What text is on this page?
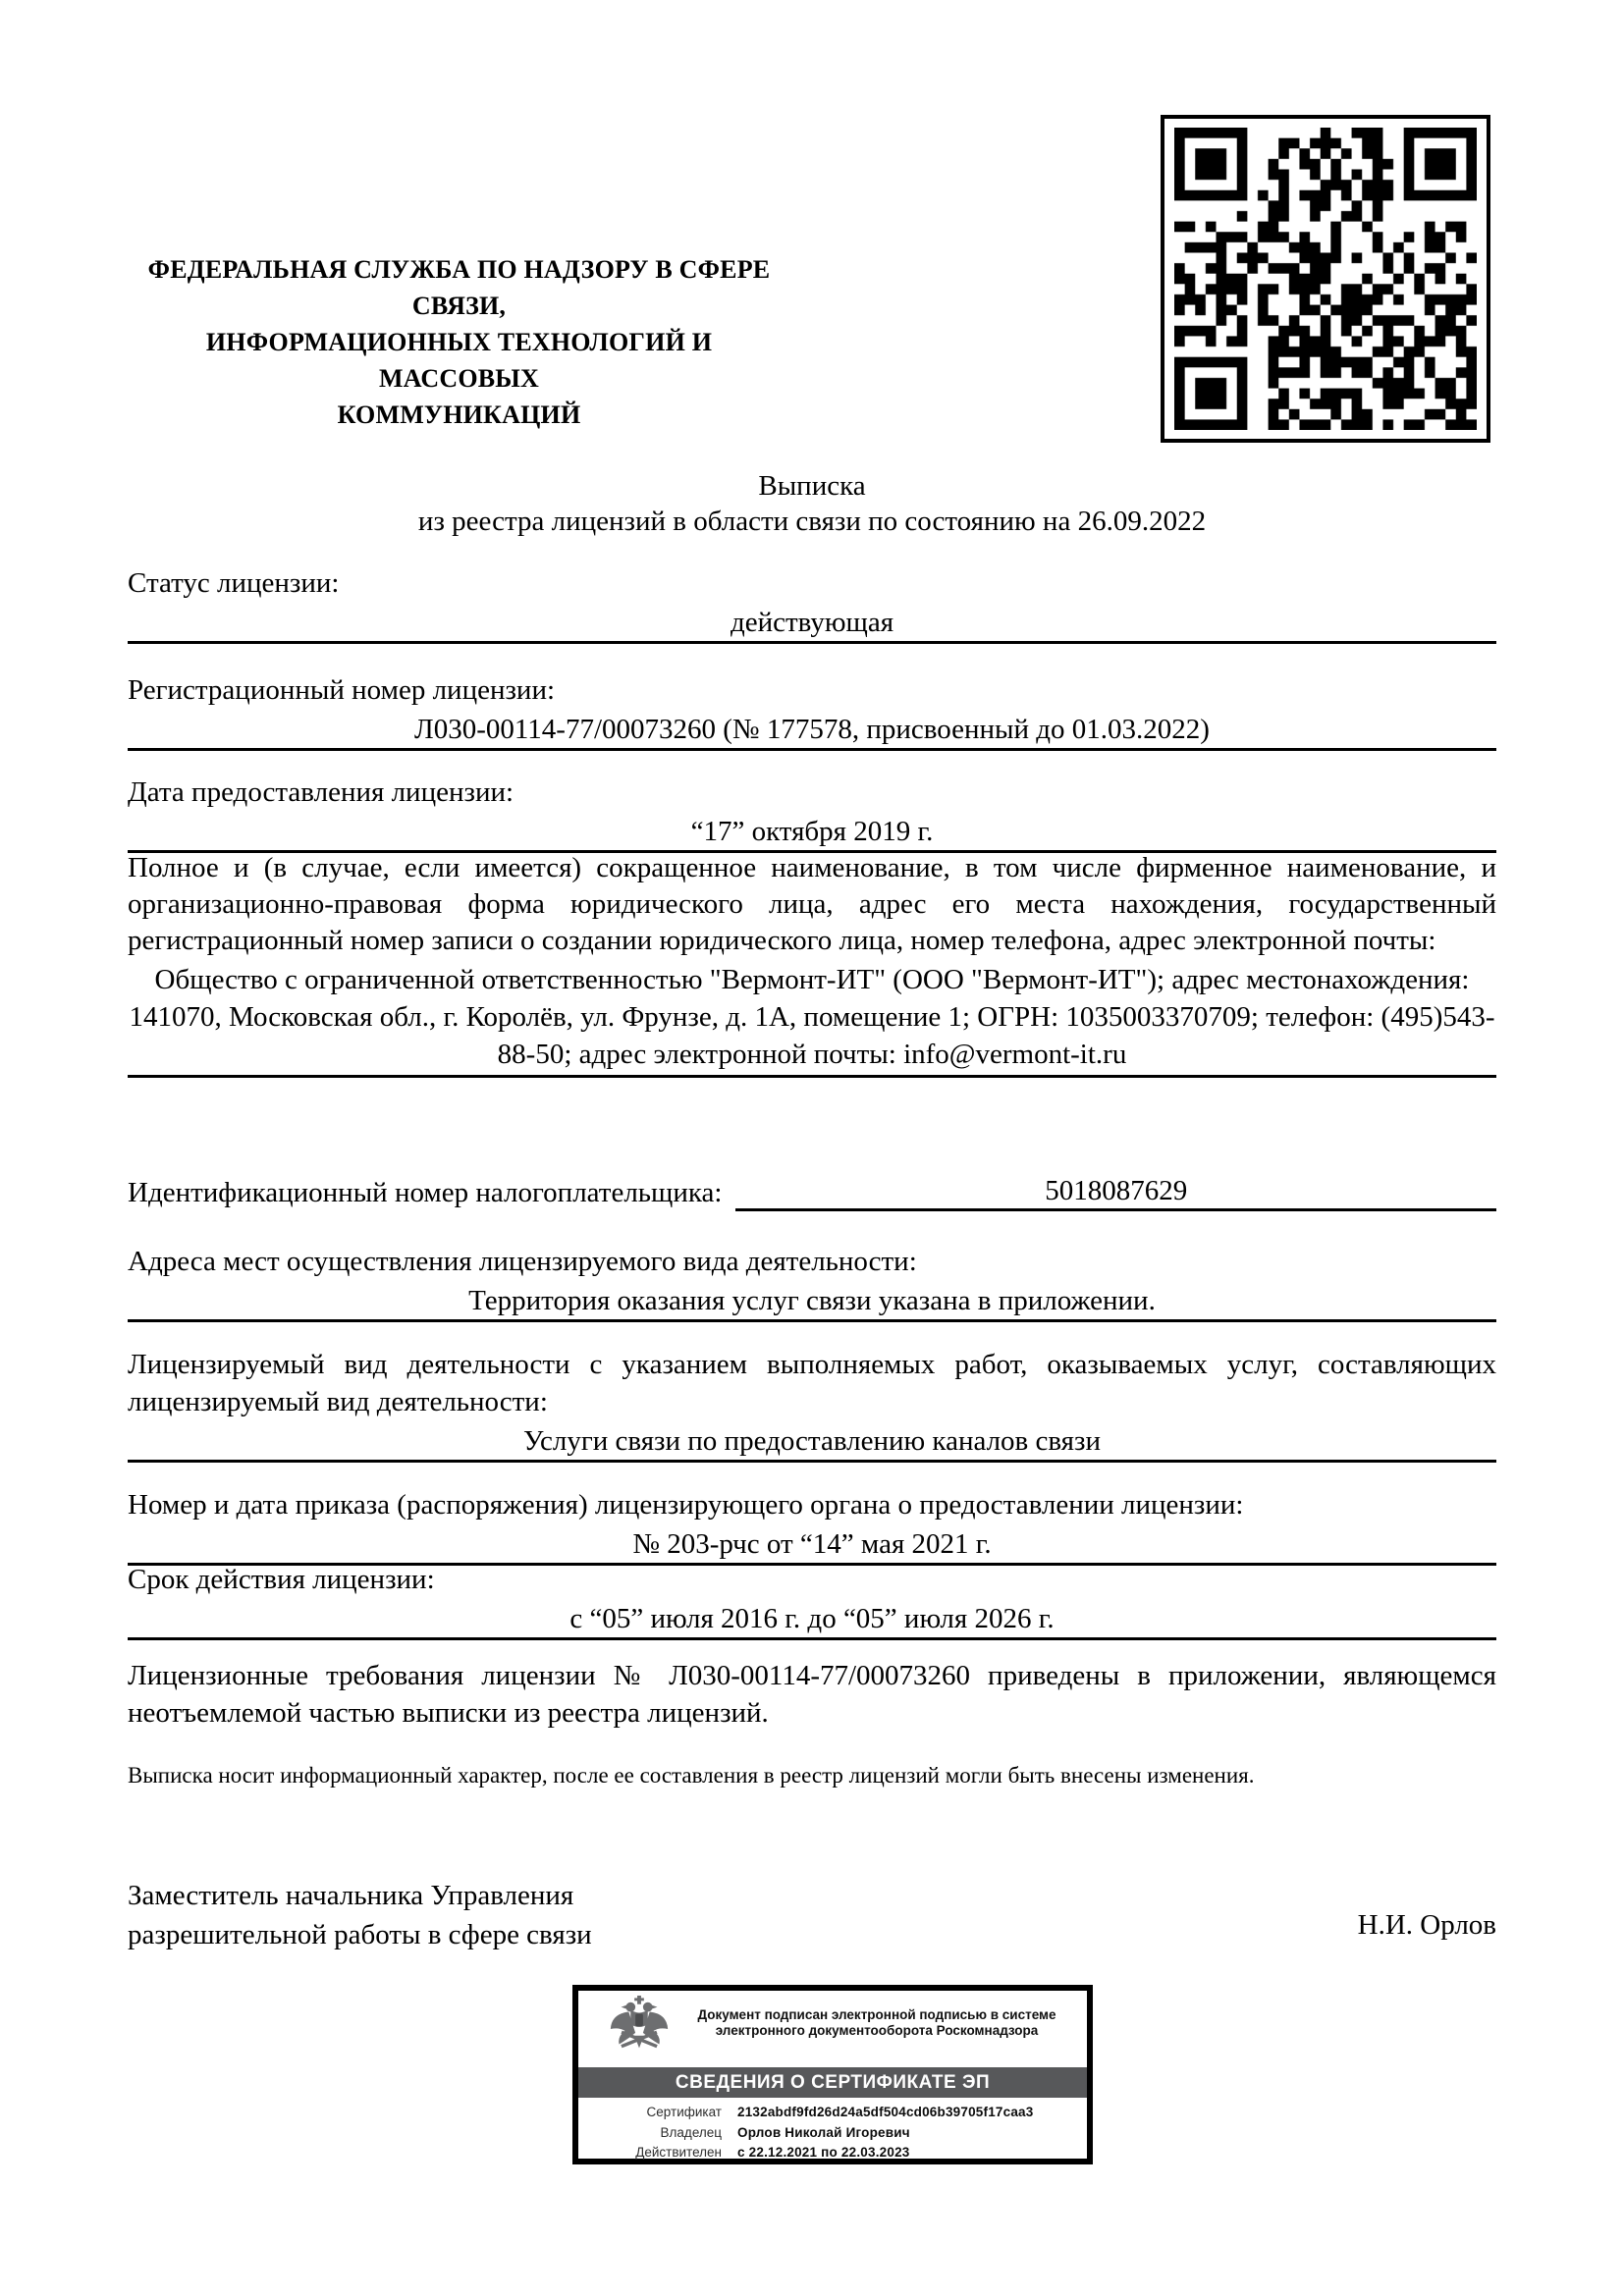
ФЕДЕРАЛЬНАЯ СЛУЖБА ПО НАДЗОРУ В СФЕРЕ СВЯЗИ,
ИНФОРМАЦИОННЫХ ТЕХНОЛОГИЙ И МАССОВЫХ
КОММУНИКАЦИЙ
Выписка
из реестра лицензий в области связи по состоянию на 26.09.2022
Статус лицензии:
действующая
Регистрационный номер лицензии:
Л030-00114-77/00073260 (№ 177578, присвоенный до 01.03.2022)
Дата предоставления лицензии:
“17” октября 2019 г.
Полное и (в случае, если имеется) сокращенное наименование, в том числе фирменное наименование, и организационно-правовая форма юридического лица, адрес его места нахождения, государственный регистрационный номер записи о создании юридического лица, номер телефона, адрес электронной почты:
Общество с ограниченной ответственностью "Вермонт-ИТ" (ООО "Вермонт-ИТ"); адрес местонахождения: 141070, Московская обл., г. Королёв, ул. Фрунзе, д. 1А, помещение 1; ОГРН: 1035003370709; телефон: (495)543-88-50; адрес электронной почты: info@vermont-it.ru
Идентификационный номер налогоплательщика:	5018087629
Адреса мест осуществления лицензируемого вида деятельности:
Территория оказания услуг связи указана в приложении.
Лицензируемый вид деятельности с указанием выполняемых работ, оказываемых услуг, составляющих лицензируемый вид деятельности:
Услуги связи по предоставлению каналов связи
Номер и дата приказа (распоряжения) лицензирующего органа о предоставлении лицензии:
№ 203-рчс от “14” мая 2021 г.
Срок действия лицензии:
с “05” июля 2016 г. до “05” июля 2026 г.
Лицензионные требования лицензии № Л030-00114-77/00073260 приведены в приложении, являющемся неотъемлемой частью выписки из реестра лицензий.
Выписка носит информационный характер, после ее составления в реестр лицензий могли быть внесены изменения.
Заместитель начальника Управления
разрешительной работы в сфере связи	Н.И. Орлов
Документ подписан электронной подписью в системе
электронного документооборота Роскомнадзора
СВЕДЕНИЯ О СЕРТИФИКАТЕ ЭП
Сертификат	2132abdf9fd26d24a5df504cd06b39705f17caa3
Владелец	Орлов Николай Игоревич
Действителен	с 22.12.2021 по 22.03.2023
